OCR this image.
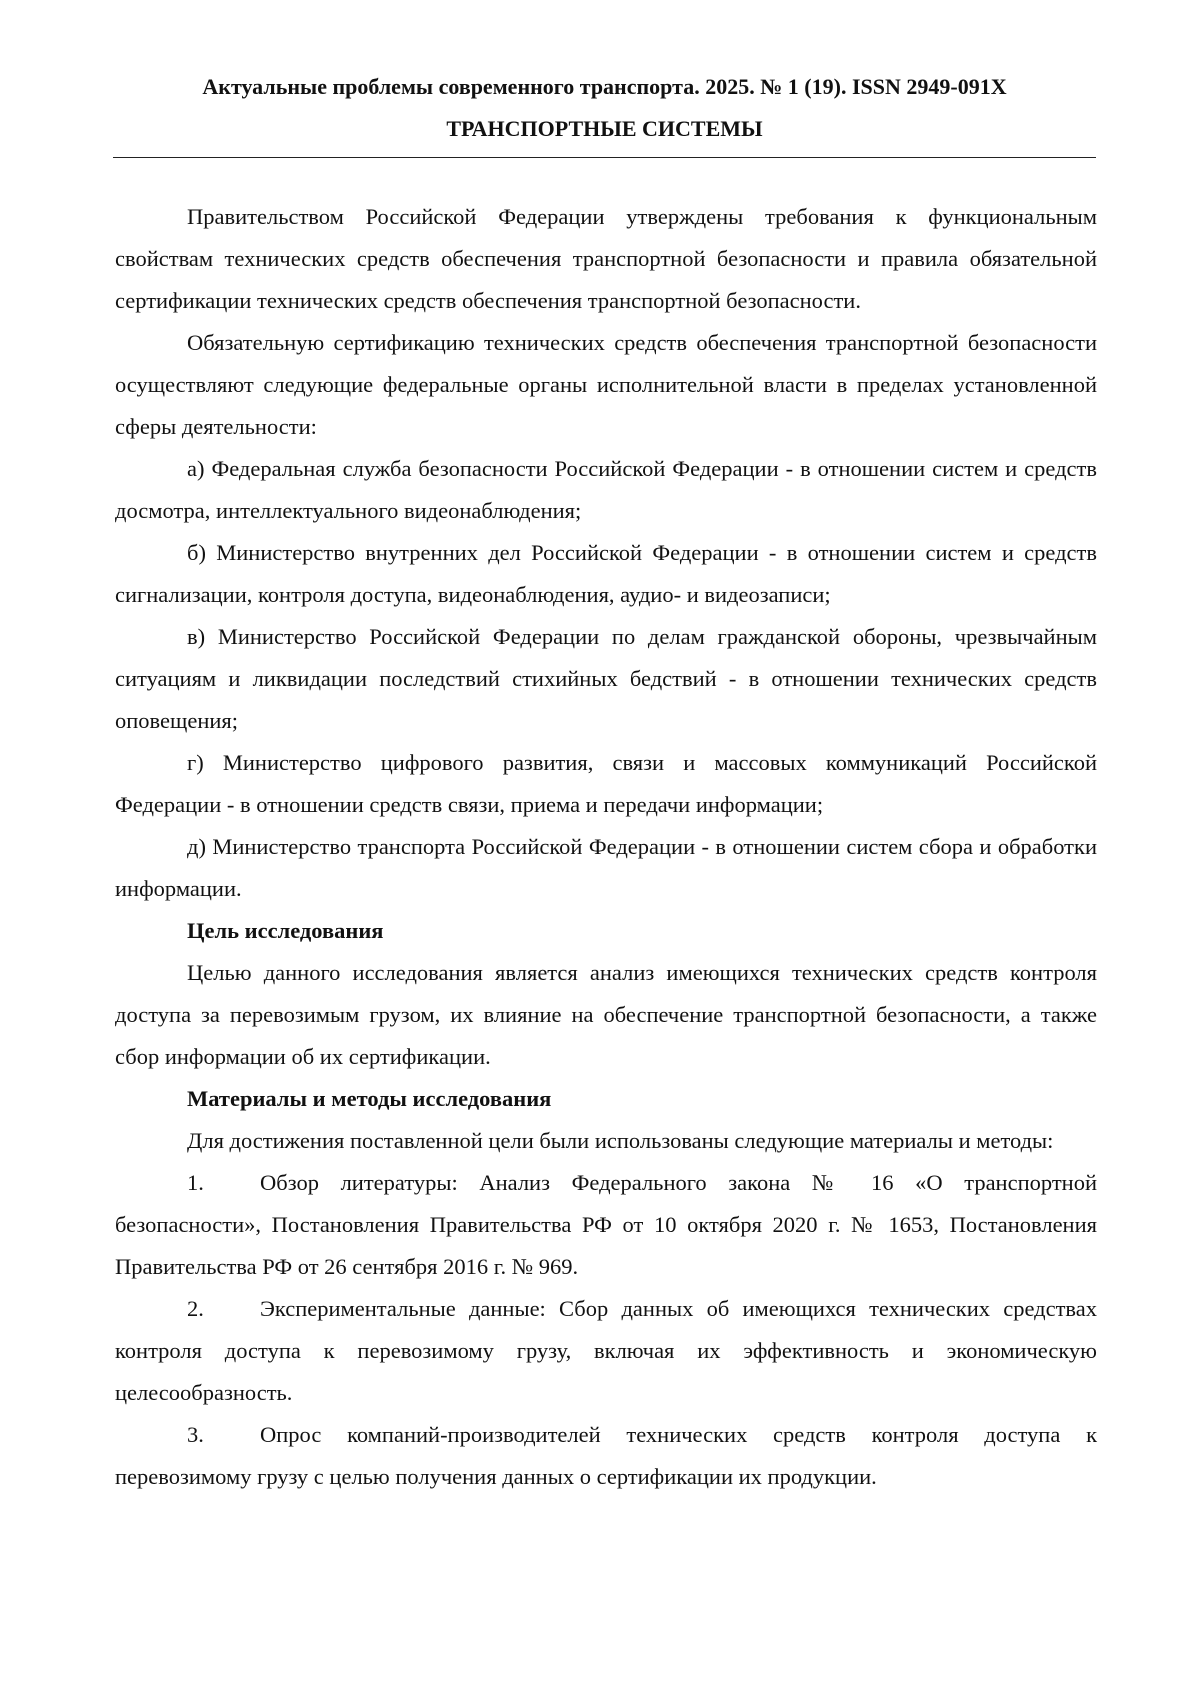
Актуальные проблемы современного транспорта. 2025. № 1 (19). ISSN 2949-091X
ТРАНСПОРТНЫЕ СИСТЕМЫ

Правительством Российской Федерации утверждены требования к функциональным свойствам технических средств обеспечения транспортной безопасности и правила обязательной сертификации технических средств обеспечения транспортной безопасности.

Обязательную сертификацию технических средств обеспечения транспортной безопасности осуществляют следующие федеральные органы исполнительной власти в пределах установленной сферы деятельности:

а) Федеральная служба безопасности Российской Федерации - в отношении систем и средств досмотра, интеллектуального видеонаблюдения;

б) Министерство внутренних дел Российской Федерации - в отношении систем и средств сигнализации, контроля доступа, видеонаблюдения, аудио- и видеозаписи;

в) Министерство Российской Федерации по делам гражданской обороны, чрезвычайным ситуациям и ликвидации последствий стихийных бедствий - в отношении технических средств оповещения;

г) Министерство цифрового развития, связи и массовых коммуникаций Российской Федерации - в отношении средств связи, приема и передачи информации;

д) Министерство транспорта Российской Федерации - в отношении систем сбора и обработки информации.

Цель исследования

Целью данного исследования является анализ имеющихся технических средств контроля доступа за перевозимым грузом, их влияние на обеспечение транспортной безопасности, а также сбор информации об их сертификации.

Материалы и методы исследования

Для достижения поставленной цели были использованы следующие материалы и методы:

1. Обзор литературы: Анализ Федерального закона № 16 «О транспортной безопасности», Постановления Правительства РФ от 10 октября 2020 г. № 1653, Постановления Правительства РФ от 26 сентября 2016 г. № 969.

2. Экспериментальные данные: Сбор данных об имеющихся технических средствах контроля доступа к перевозимому грузу, включая их эффективность и экономическую целесообразность.

3. Опрос компаний-производителей технических средств контроля доступа к перевозимому грузу с целью получения данных о сертификации их продукции.
